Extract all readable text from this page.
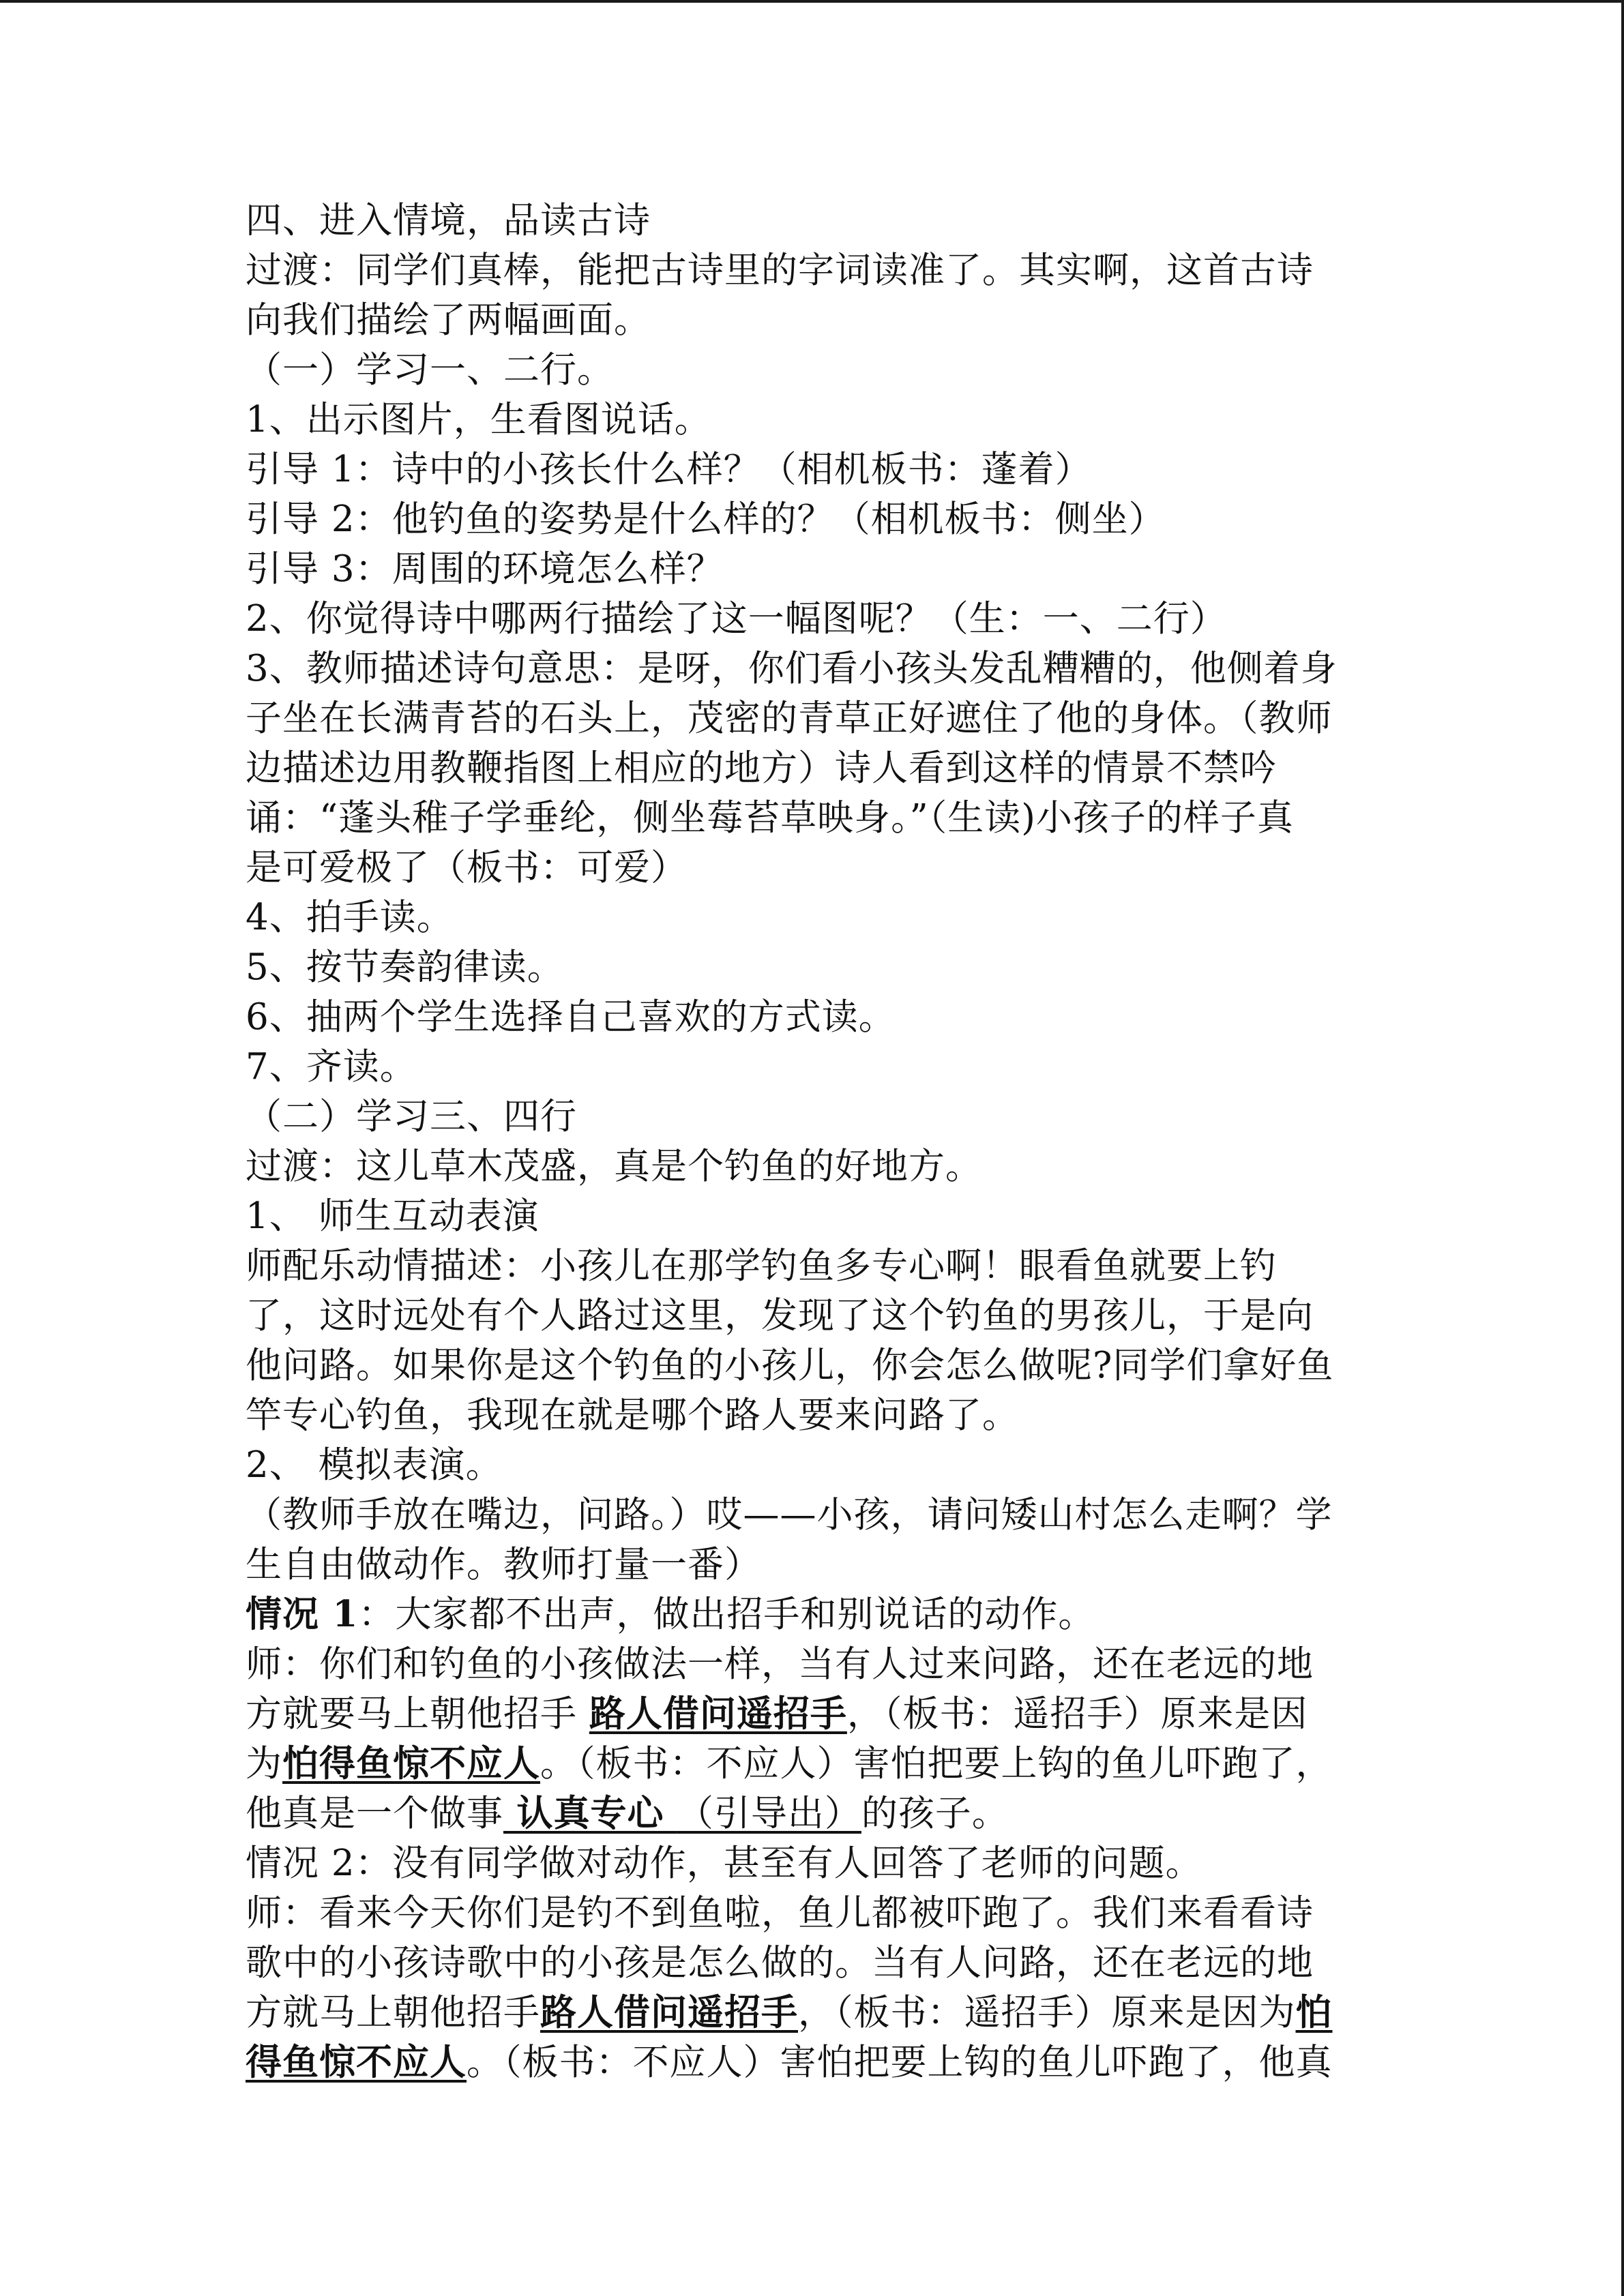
四、进入情境，品读古诗
过渡：同学们真棒，能把古诗里的字词读准了。其实啊，这首古诗
向我们描绘了两幅画面。
（一）学习一、二行。
1、出示图片，生看图说话。
引导 1：诗中的小孩长什么样？（相机板书：蓬着）
引导 2：他钓鱼的姿势是什么样的？（相机板书：侧坐）
引导 3：周围的环境怎么样？
2、你觉得诗中哪两行描绘了这一幅图呢？（生：一、二行）
3、教师描述诗句意思：是呀，你们看小孩头发乱糟糟的，他侧着身
子坐在长满青苔的石头上，茂密的青草正好遮住了他的身体。（教师
边描述边用教鞭指图上相应的地方）诗人看到这样的情景不禁吟
诵：“蓬头稚子学垂纶，侧坐莓苔草映身。”（生读)小孩子的样子真
是可爱极了（板书：可爱）
4、拍手读。
5、按节奏韵律读。
6、抽两个学生选择自己喜欢的方式读。
7、齐读。
（二）学习三、四行
过渡：这儿草木茂盛，真是个钓鱼的好地方。
1、 师生互动表演
师配乐动情描述：小孩儿在那学钓鱼多专心啊！眼看鱼就要上钓
了，这时远处有个人路过这里，发现了这个钓鱼的男孩儿，于是向
他问路。如果你是这个钓鱼的小孩儿，你会怎么做呢?同学们拿好鱼
竿专心钓鱼，我现在就是哪个路人要来问路了。
2、 模拟表演。
（教师手放在嘴边，问路。）哎——小孩，请问矮山村怎么走啊？学
生自由做动作。教师打量一番）
情况 1：大家都不出声，做出招手和别说话的动作。
师：你们和钓鱼的小孩做法一样，当有人过来问路，还在老远的地
方就要马上朝他招手 路人借问遥招手，（板书：遥招手）原来是因
为怕得鱼惊不应人。（板书：不应人）害怕把要上钩的鱼儿吓跑了，
他真是一个做事 认真专心 （引导出）的孩子。
情况 2：没有同学做对动作，甚至有人回答了老师的问题。
师：看来今天你们是钓不到鱼啦，鱼儿都被吓跑了。我们来看看诗
歌中的小孩诗歌中的小孩是怎么做的。当有人问路，还在老远的地
方就马上朝他招手路人借问遥招手，（板书：遥招手）原来是因为怕
得鱼惊不应人。（板书：不应人）害怕把要上钩的鱼儿吓跑了，他真
